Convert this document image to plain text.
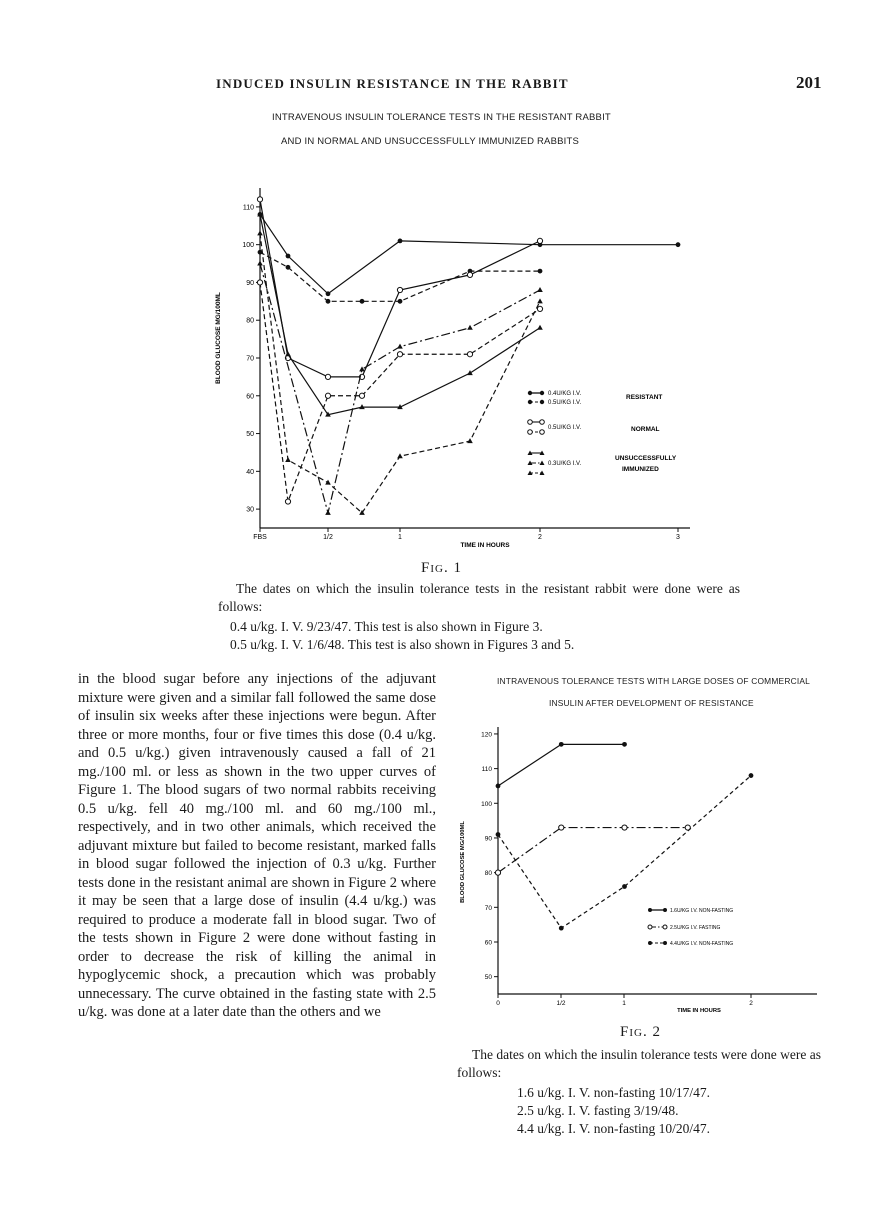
INDUCED INSULIN RESISTANCE IN THE RABBIT	201
INTRAVENOUS INSULIN TOLERANCE TESTS IN THE RESISTANT RABBIT
AND IN NORMAL AND UNSUCCESSFULLY IMMUNIZED RABBITS
30
40
50
60
70
80
90
100
110
FBS	1/2	1	2	3
TIME IN HOURS
BLOOD GLUCOSE MG/100ML
0.4U/KG I.V.
0.5U/KG I.V.
RESISTANT
0.5U/KG I.V.	NORMAL
0.3U/KG I.V.
UNSUCCESSFULLY
IMMUNIZED
Fig. 1
The dates on which the insulin tolerance tests in the resistant rabbit were done were as follows:
0.4 u/kg. I. V. 9/23/47. This test is also shown in Figure 3.
0.5 u/kg. I. V. 1/6/48. This test is also shown in Figures 3 and 5.
in the blood sugar before any injections of the adjuvant mixture were given and a similar fall followed the same dose of insulin six weeks after these injections were begun. After three or more months, four or five times this dose (0.4 u/kg. and 0.5 u/kg.) given intravenously caused a fall of 21 mg./100 ml. or less as shown in the two upper curves of Figure 1. The blood sugars of two normal rabbits receiving 0.5 u/kg. fell 40 mg./100 ml. and 60 mg./100 ml., respectively, and in two other animals, which received the adjuvant mixture but failed to become resistant, marked falls in blood sugar followed the injection of 0.3 u/kg. Further tests done in the resistant animal are shown in Figure 2 where it may be seen that a large dose of insulin (4.4 u/kg.) was required to produce a moderate fall in blood sugar. Two of the tests shown in Figure 2 were done without fasting in order to decrease the risk of killing the animal in hypoglycemic shock, a precaution which was probably unnecessary. The curve obtained in the fasting state with 2.5 u/kg. was done at a later date than the others and we
INTRAVENOUS TOLERANCE TESTS WITH LARGE DOSES OF COMMERCIAL
INSULIN AFTER DEVELOPMENT OF RESISTANCE
50
60
70
80
90
100
110
120
0	1/2	1	2
TIME IN HOURS
BLOOD GLUCOSE MG/100ML
1.6U/KG I.V. NON-FASTING
2.5U/KG I.V. FASTING
4.4U/KG I.V. NON-FASTING
Fig. 2
The dates on which the insulin tolerance tests were done were as follows:
1.6 u/kg. I. V. non-fasting 10/17/47.
2.5 u/kg. I. V. fasting 3/19/48.
4.4 u/kg. I. V. non-fasting 10/20/47.
